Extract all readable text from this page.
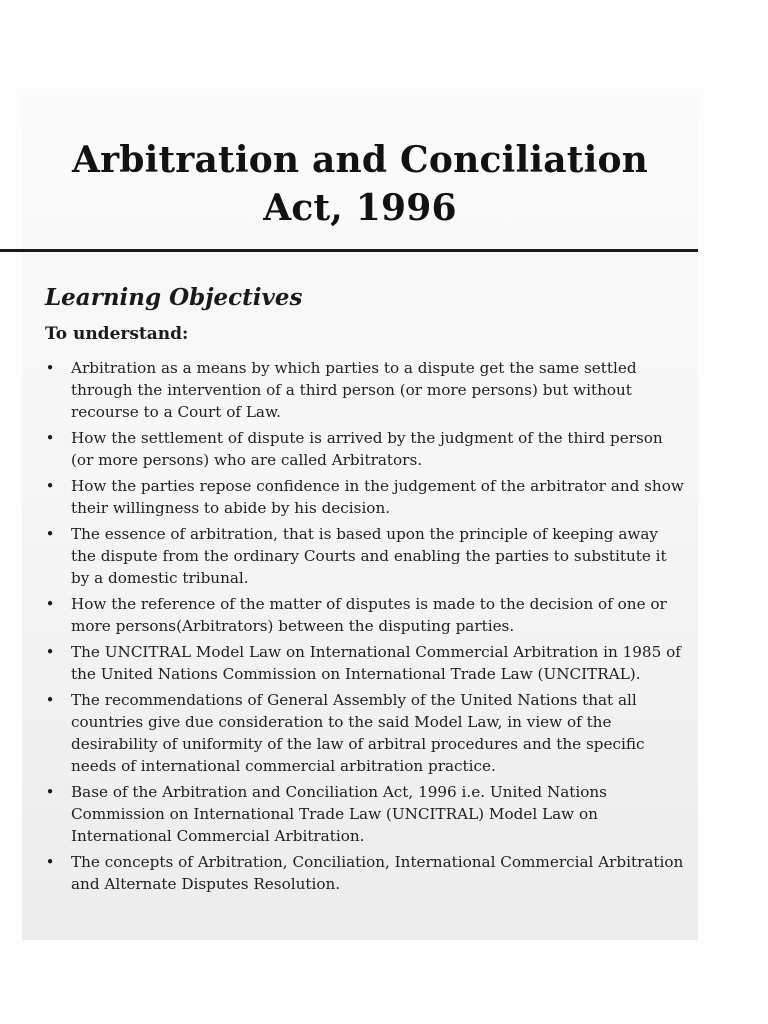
Arbitration and Conciliation
Act, 1996
Learning Objectives
To understand:
• Arbitration as a means by which parties to a dispute get the same settled through the intervention of a third person (or more persons) but without recourse to a Court of Law.
• How the settlement of dispute is arrived by the judgment of the third person (or more persons) who are called Arbitrators.
• How the parties repose confidence in the judgement of the arbitrator and show their willingness to abide by his decision.
• The essence of arbitration, that is based upon the principle of keeping away the dispute from the ordinary Courts and enabling the parties to substitute it by a domestic tribunal.
• How the reference of the matter of disputes is made to the decision of one or more persons(Arbitrators) between the disputing parties.
• The UNCITRAL Model Law on International Commercial Arbitration in 1985 of the United Nations Commission on International Trade Law (UNCITRAL).
• The recommendations of General Assembly of the United Nations that all countries give due consideration to the said Model Law, in view of the desirability of uniformity of the law of arbitral procedures and the specific needs of international commercial arbitration practice.
• Base of the Arbitration and Conciliation Act, 1996 i.e. United Nations Commission on International Trade Law (UNCITRAL) Model Law on International Commercial Arbitration.
• The concepts of Arbitration, Conciliation, International Commercial Arbitration and Alternate Disputes Resolution.
